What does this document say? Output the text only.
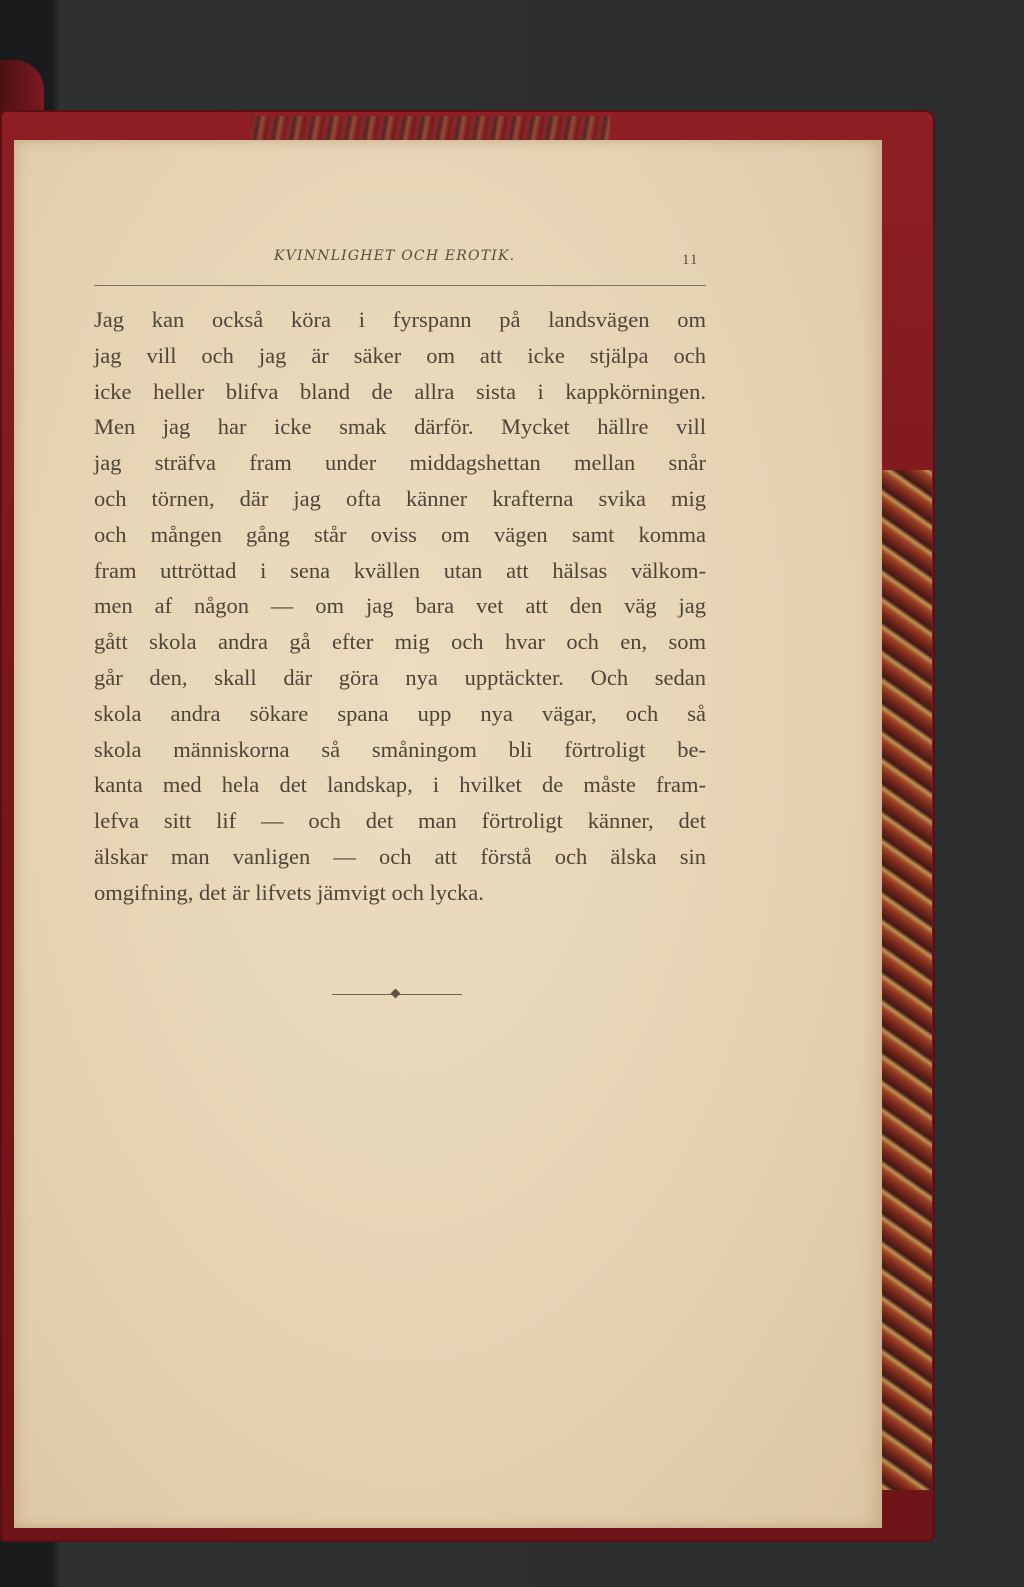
KVINNLIGHET OCH EROTIK.	11
Jag kan också köra i fyrspann på landsvägen om
jag vill och jag är säker om att icke stjälpa och
icke heller blifva bland de allra sista i kappkörningen.
Men jag har icke smak därför. Mycket hällre vill
jag sträfva fram under middagshettan mellan snår
och törnen, där jag ofta känner krafterna svika mig
och mången gång står oviss om vägen samt komma
fram uttröttad i sena kvällen utan att hälsas välkom-
men af någon — om jag bara vet att den väg jag
gått skola andra gå efter mig och hvar och en, som
går den, skall där göra nya upptäckter. Och sedan
skola andra sökare spana upp nya vägar, och så
skola människorna så småningom bli förtroligt be-
kanta med hela det landskap, i hvilket de måste fram-
lefva sitt lif — och det man förtroligt känner, det
älskar man vanligen — och att förstå och älska sin
omgifning, det är lifvets jämvigt och lycka.
